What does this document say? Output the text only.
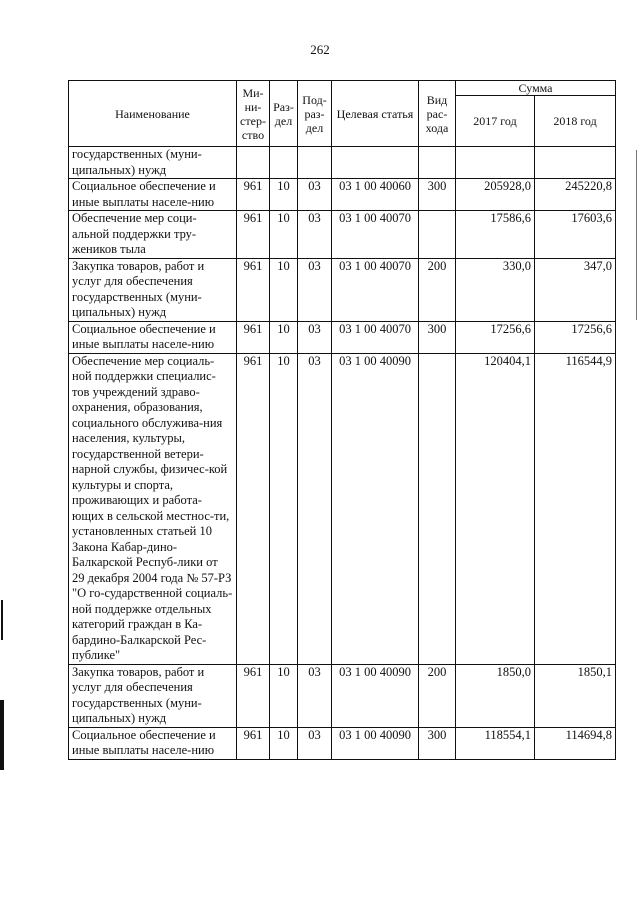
262
Наименование	Ми-ни-стер-ство	Раз-дел	Под-раз-дел	Целевая статья	Вид рас-хода	Сумма	
						2017 год	2018 год
государственных (муни-ципальных) нужд							
Социальное обеспечение и иные выплаты населе-нию	961	10	03	03 1 00 40060	300	205928,0	245220,8
Обеспечение мер соци-альной поддержки тру-жеников тыла	961	10	03	03 1 00 40070		17586,6	17603,6
Закупка товаров, работ и услуг для обеспечения государственных (муни-ципальных) нужд	961	10	03	03 1 00 40070	200	330,0	347,0
Социальное обеспечение и иные выплаты населе-нию	961	10	03	03 1 00 40070	300	17256,6	17256,6
Обеспечение мер социаль-ной поддержки специалис-тов учреждений здраво-охранения, образования, социального обслужива-ния населения, культуры, государственной ветери-нарной службы, физичес-кой культуры и спорта, проживающих и работа-ющих в сельской местнос-ти, установленных статьей 10 Закона Кабар-дино-Балкарской Респуб-лики от 29 декабря 2004 года № 57-РЗ "О го-сударственной социаль-ной поддержке отдельных категорий граждан в Ка-бардино-Балкарской Рес-публике"	961	10	03	03 1 00 40090		120404,1	116544,9
Закупка товаров, работ и услуг для обеспечения государственных (муни-ципальных) нужд	961	10	03	03 1 00 40090	200	1850,0	1850,1
Социальное обеспечение и иные выплаты населе-нию	961	10	03	03 1 00 40090	300	118554,1	114694,8
